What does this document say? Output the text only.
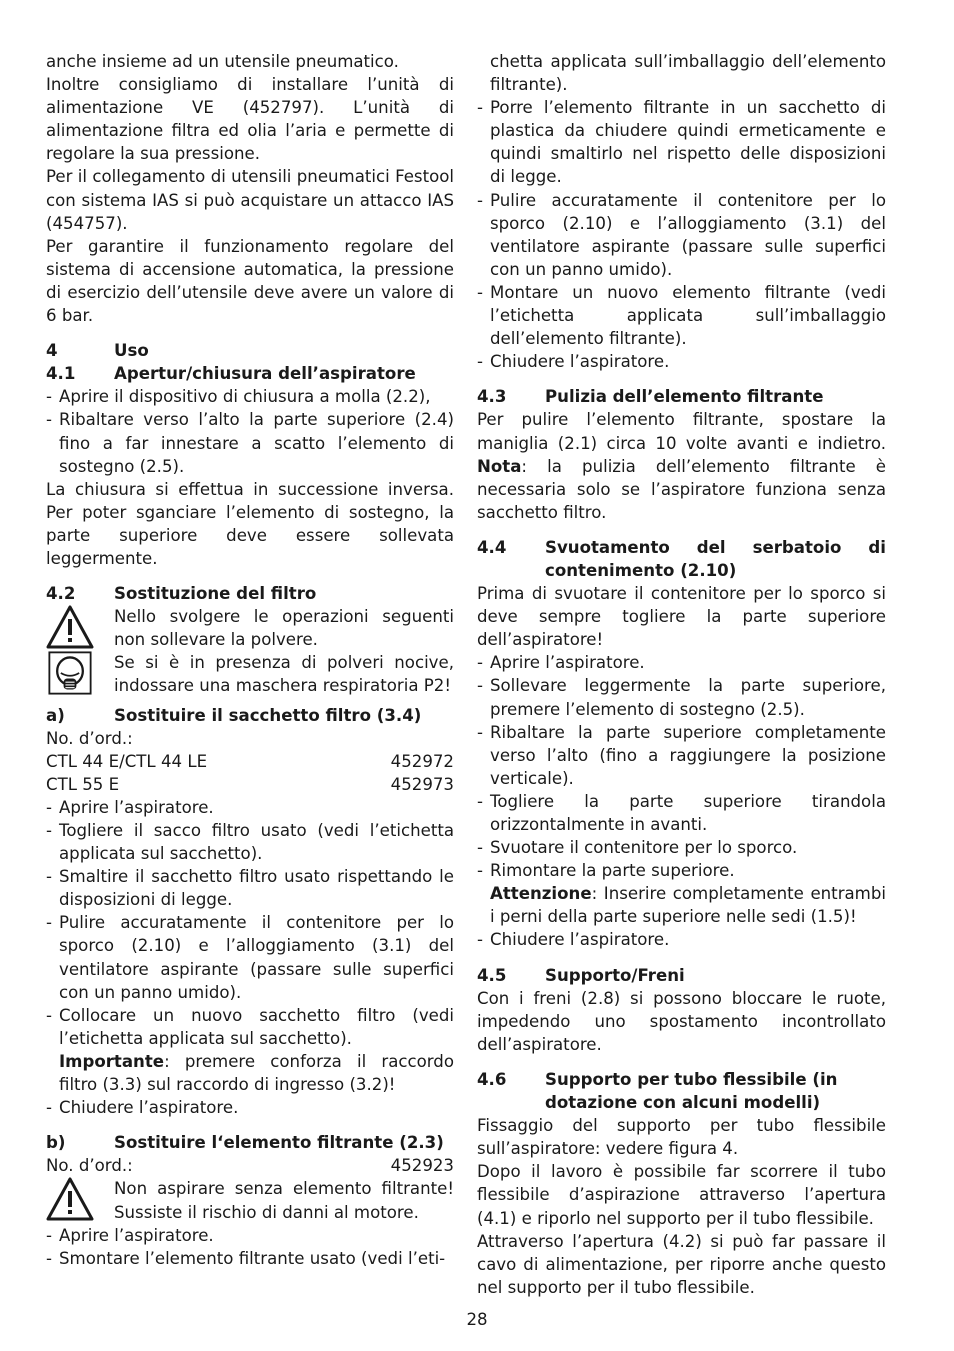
anche insieme ad un utensile pneumatico.

Inoltre consigliamo di installare l’unità di alimentazione VE (452797). L’unità di alimentazione filtra ed olia l’aria e permette di regolare la sua pressione.

Per il collegamento di utensili pneumatici Festool con sistema IAS si può acquistare un attacco IAS (454757).

Per garantire il funzionamento regolare del sistema di accensione automatica, la pressione di esercizio dell’utensile deve avere un valore di 6 bar.

4	Uso
4.1	Apertur/chiusura dell’aspiratore
- Aprire il dispositivo di chiusura a molla (2.2),
- Ribaltare verso l’alto la parte superiore (2.4) fino a far innestare a scatto l’elemento di sostegno (2.5).

La chiusura si effettua in successione inversa. Per poter sganciare l’elemento di sostegno, la parte superiore deve essere sollevata leggermente.

4.2	Sostituzione del filtro

Nello svolgere le operazioni seguenti non sollevare la polvere.

Se si è in presenza di polveri nocive, indossare una maschera respiratoria P2!

a)	Sostituire il sacchetto filtro (3.4)

No. d’ord.:

CTL 44 E/CTL 44 LE	452972
CTL 55 E	452973
- Aprire l’aspiratore.
- Togliere il sacco filtro usato (vedi l’etichetta applicata sul sacchetto).
- Smaltire il sacchetto filtro usato rispettando le disposizioni di legge.
- Pulire accuratamente il contenitore per lo sporco (2.10) e l’alloggiamento (3.1) del ventilatore aspirante (passare sulle superfici con un panno umido).
- Collocare un nuovo sacchetto filtro (vedi l’etichetta applicata sul sacchetto).
Importante: premere conforza il raccordo filtro (3.3) sul raccordo di ingresso (3.2)!
- Chiudere l’aspiratore.
b)	Sostituire l‘elemento filtrante (2.3)
No. d’ord.:	452923

Non aspirare senza elemento filtrante! Sussiste il rischio di danni al motore.

- Aprire l’aspiratore.
- Smontare l’elemento filtrante usato (vedi l’eti-
chetta applicata sull’imballaggio dell’elemento filtrante).
- Porre l’elemento filtrante in un sacchetto di plastica da chiudere quindi ermeticamente e quindi smaltirlo nel rispetto delle disposizioni di legge.
- Pulire accuratamente il contenitore per lo sporco (2.10) e l’alloggiamento (3.1) del ventilatore aspirante (passare sulle superfici con un panno umido).
- Montare un nuovo elemento filtrante (vedi l’etichetta applicata sull’imballaggio dell’elemento filtrante).
- Chiudere l’aspiratore.
4.3	Pulizia dell’elemento filtrante

Per pulire l’elemento filtrante, spostare la maniglia (2.1) circa 10 volte avanti e indietro. Nota: la pulizia dell’elemento filtrante è necessaria solo se l’aspiratore funziona senza sacchetto filtro.

4.4	Svuotamento del serbatoio di contenimento (2.10)

Prima di svuotare il contenitore per lo sporco si deve sempre togliere la parte superiore dell’aspiratore!

- Aprire l’aspiratore.
- Sollevare leggermente la parte superiore, premere l’elemento di sostegno (2.5).
- Ribaltare la parte superiore completamente verso l’alto (fino a raggiungere la posizione verticale).
- Togliere la parte superiore tirandola orizzontalmente in avanti.
- Svuotare il contenitore per lo sporco.
- Rimontare la parte superiore.
Attenzione: Inserire completamente entrambi i perni della parte superiore nelle sedi (1.5)!
- Chiudere l’aspiratore.
4.5	Supporto/Freni

Con i freni (2.8) si possono bloccare le ruote, impedendo uno spostamento incontrollato dell’aspiratore.

4.6	Supporto per tubo flessibile (in dotazione con alcuni modelli)

Fissaggio del supporto per tubo flessibile sull’aspiratore: vedere figura 4.

Dopo il lavoro è possibile far scorrere il tubo flessibile d’aspirazione attraverso l’apertura (4.1) e riporlo nel supporto per il tubo flessibile.

Attraverso l’apertura (4.2) si può far passare il cavo di alimentazione, per riporre anche questo nel supporto per il tubo flessibile.

28
